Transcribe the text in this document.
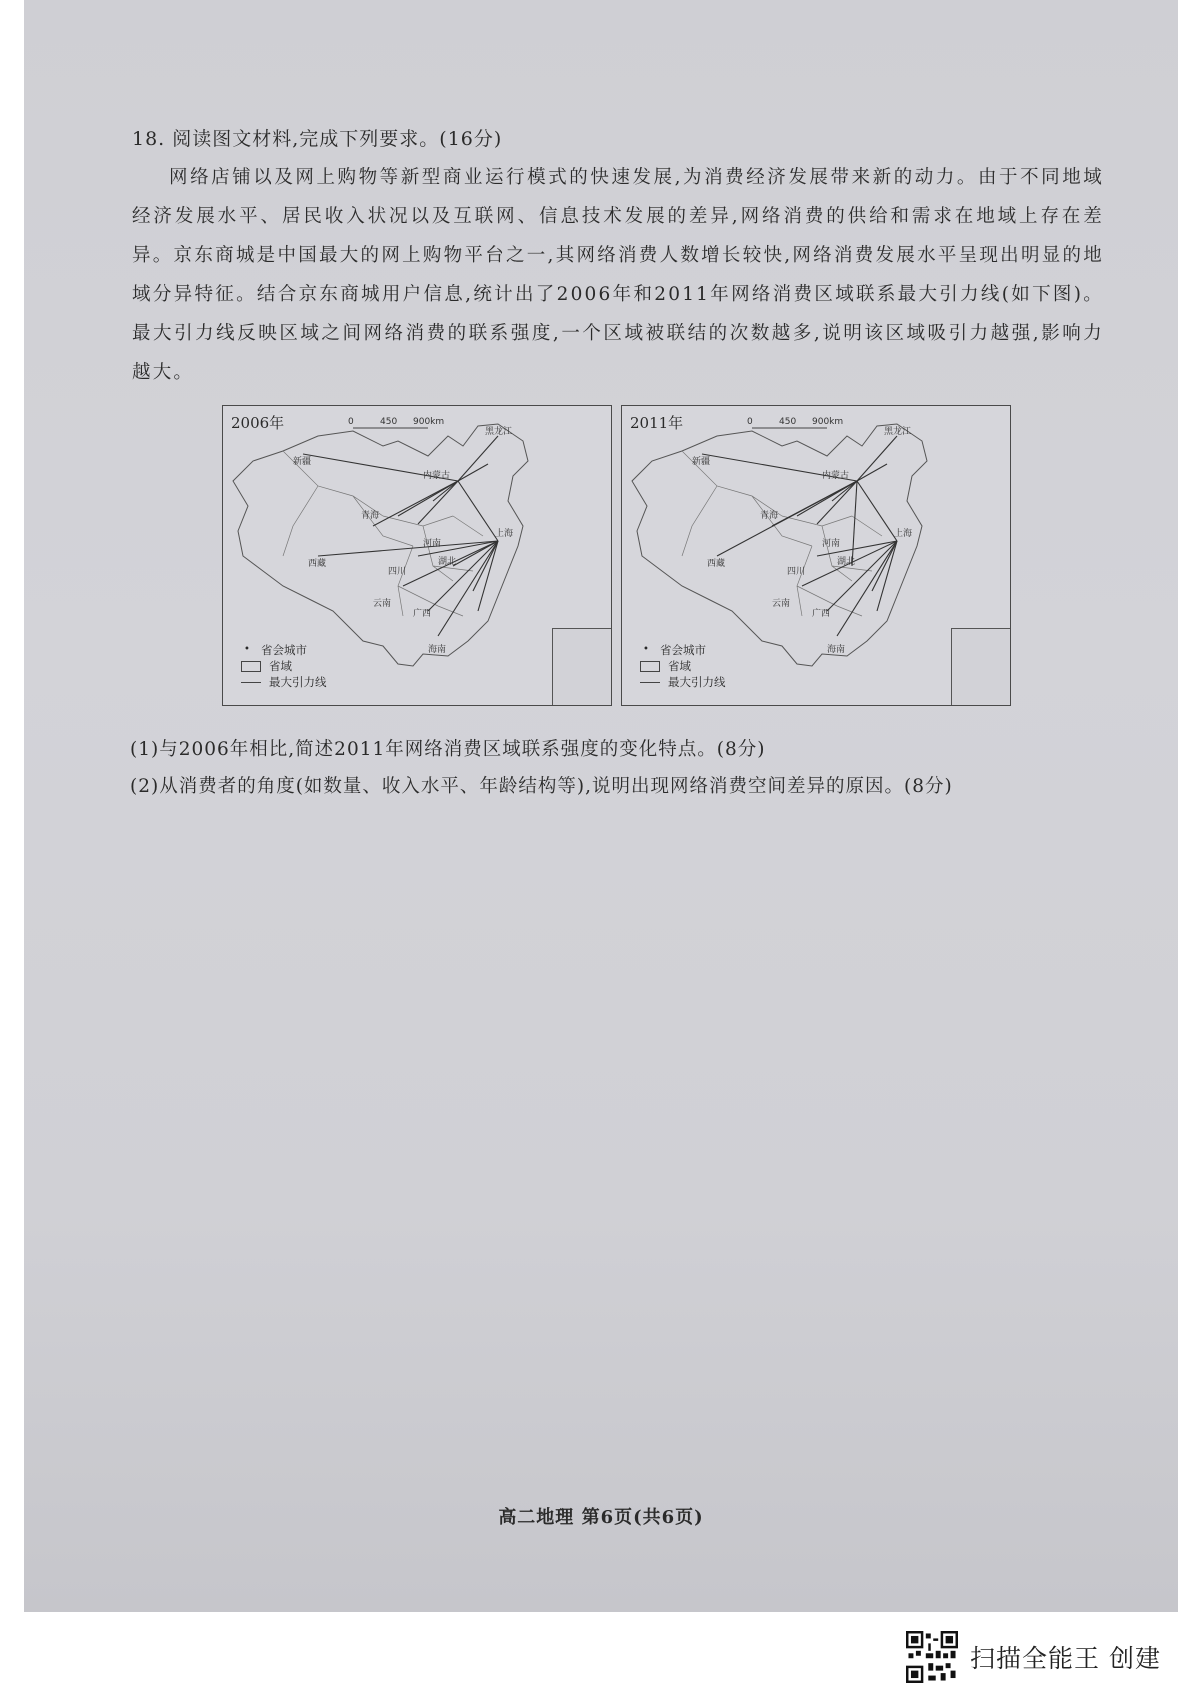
18. 阅读图文材料,完成下列要求。(16分)

网络店铺以及网上购物等新型商业运行模式的快速发展,为消费经济发展带来新的动力。由于不同地域经济发展水平、居民收入状况以及互联网、信息技术发展的差异,网络消费的供给和需求在地域上存在差异。京东商城是中国最大的网上购物平台之一,其网络消费人数增长较快,网络消费发展水平呈现出明显的地域分异特征。结合京东商城用户信息,统计出了2006年和2011年网络消费区域联系最大引力线(如下图)。最大引力线反映区域之间网络消费的联系强度,一个区域被联结的次数越多,说明该区域吸引力越强,影响力越大。

0	450 900km
黑龙江
新疆
内蒙古
青海
河南
上海
西藏	湖北
四川
广西
云南
海南
2006年
• 省会城市
省域
最大引力线
0	450 900km
黑龙江
新疆
内蒙古
青海
河南
上海
西藏	湖北
四川
广西
云南
海南
2011年
• 省会城市
省域
最大引力线
(1)与2006年相比,简述2011年网络消费区域联系强度的变化特点。(8分)
(2)从消费者的角度(如数量、收入水平、年龄结构等),说明出现网络消费空间差异的原因。(8分)
高二地理 第6页(共6页)
扫描全能王 创建
